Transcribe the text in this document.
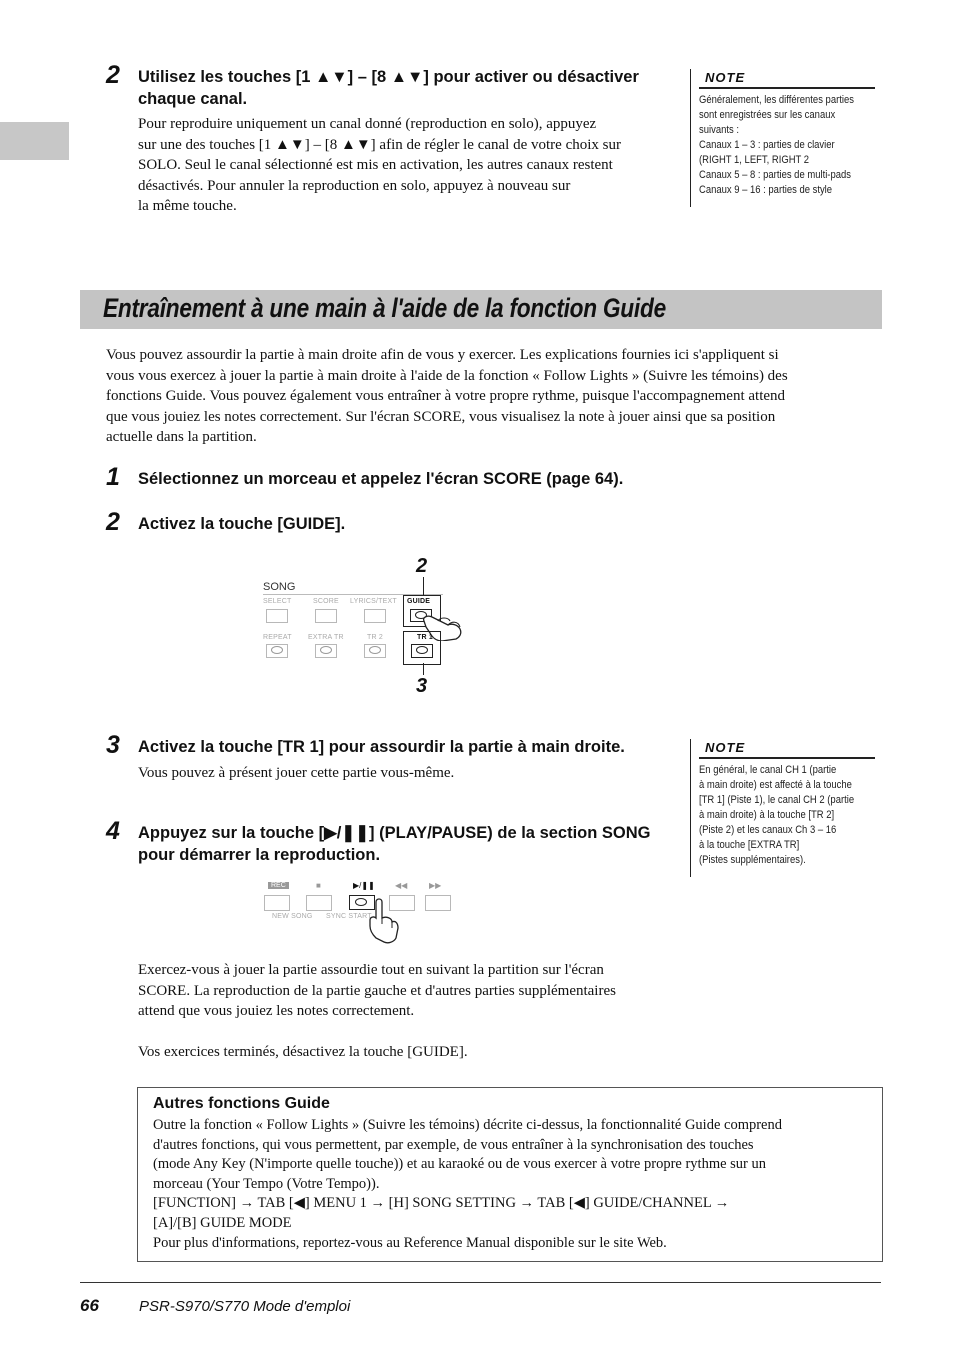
2 Utilisez les touches [1 ▲▼] – [8 ▲▼] pour activer ou désactiver
chaque canal.
Pour reproduire uniquement un canal donné (reproduction en solo), appuyez
sur une des touches [1 ▲▼] – [8 ▲▼] afin de régler le canal de votre choix sur
SOLO. Seul le canal sélectionné est mis en activation, les autres canaux restent
désactivés. Pour annuler la reproduction en solo, appuyez à nouveau sur
la même touche.
NOTE
Généralement, les différentes parties
sont enregistrées sur les canaux
suivants :
Canaux 1 – 3 : parties de clavier
(RIGHT 1, LEFT, RIGHT 2
Canaux 5 – 8 : parties de multi-pads
Canaux 9 – 16 : parties de style
Entraînement à une main à l'aide de la fonction Guide
Vous pouvez assourdir la partie à main droite afin de vous y exercer. Les explications fournies ici s'appliquent si
vous vous exercez à jouer la partie à main droite à l'aide de la fonction « Follow Lights » (Suivre les témoins) des
fonctions Guide. Vous pouvez également vous entraîner à votre propre rythme, puisque l'accompagnement attend
que vous jouiez les notes correctement. Sur l'écran SCORE, vous visualisez la note à jouer ainsi que sa position
actuelle dans la partition.
1 Sélectionnez un morceau et appelez l'écran SCORE (page 64).
2 Activez la touche [GUIDE].
SONG
2
SELECT	SCORE LYRICS/TEXT GUIDE
REPEAT EXTRA TR	TR 2	TR 1
3
3 Activez la touche [TR 1] pour assourdir la partie à main droite.
Vous pouvez à présent jouer cette partie vous-même.
4 Appuyez sur la touche [▶/❚❚] (PLAY/PAUSE) de la section SONG
pour démarrer la reproduction.
NOTE
En général, le canal CH 1 (partie
à main droite) est affecté à la touche
[TR 1] (Piste 1), le canal CH 2 (partie
à main droite) à la touche [TR 2]
(Piste 2) et les canaux Ch 3 – 16
à la touche [EXTRA TR]
(Pistes supplémentaires).
REC	■	▶/❚❚	◀◀	▶▶
NEW SONG SYNC START
Exercez-vous à jouer la partie assourdie tout en suivant la partition sur l'écran
SCORE. La reproduction de la partie gauche et d'autres parties supplémentaires
attend que vous jouiez les notes correctement.
Vos exercices terminés, désactivez la touche [GUIDE].
Autres fonctions Guide
Outre la fonction « Follow Lights » (Suivre les témoins) décrite ci-dessus, la fonctionnalité Guide comprend
d'autres fonctions, qui vous permettent, par exemple, de vous entraîner à la synchronisation des touches
(mode Any Key (N'importe quelle touche)) et au karaoké ou de vous exercer à votre propre rythme sur un
morceau (Your Tempo (Votre Tempo)).
[FUNCTION] → TAB [◀] MENU 1 → [H] SONG SETTING → TAB [◀] GUIDE/CHANNEL →
[A]/[B] GUIDE MODE
Pour plus d'informations, reportez-vous au Reference Manual disponible sur le site Web.
66	PSR-S970/S770 Mode d'emploi
